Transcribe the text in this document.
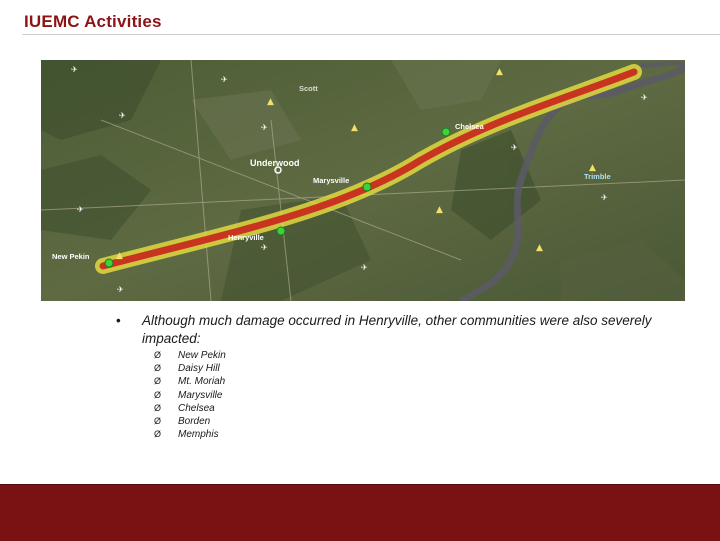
IUEMC Activities
✈
✈
✈
✈
✈
✈
✈
✈
✈
✈
✈
▲
▲
▲
▲
▲
▲
▲
Scott
Underwood
Marysville
Henryville
New Pekin
Chelsea
Trimble
• Although much damage occurred in Henryville, other communities were also severely impacted:
Ø New Pekin
Ø Daisy Hill
Ø Mt. Moriah
Ø Marysville
Ø Chelsea
Ø Borden
Ø Memphis
